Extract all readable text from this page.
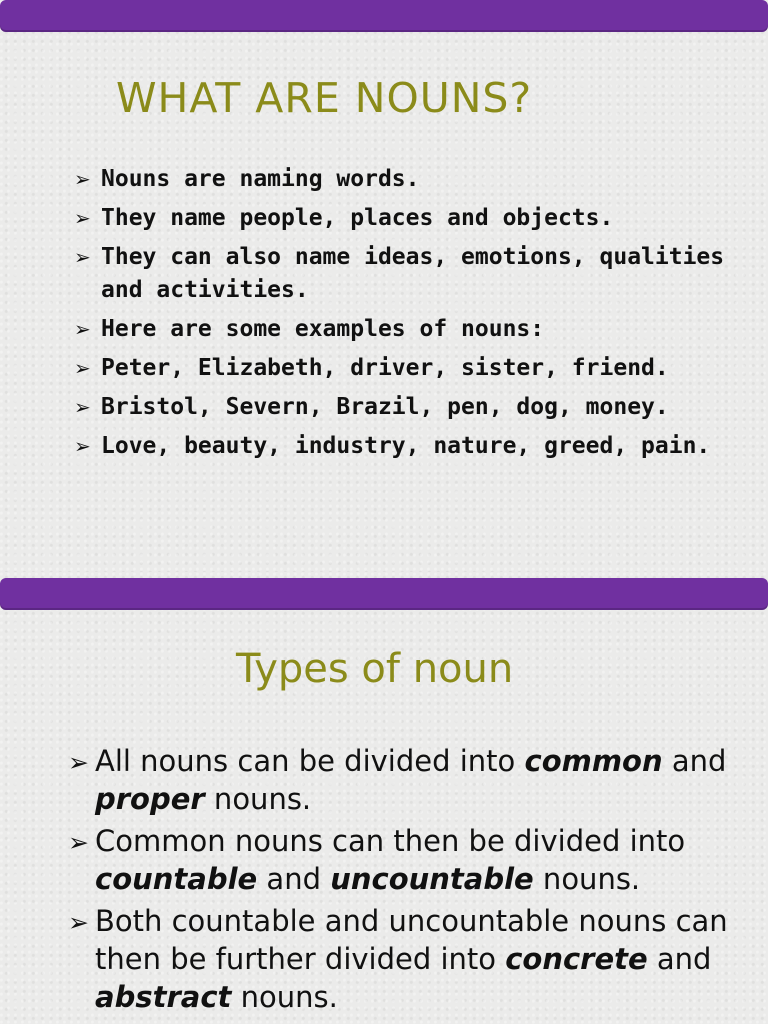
WHAT ARE NOUNS?
➢ Nouns are naming words.
➢ They name people, places and objects.
➢ They can also name ideas, emotions, qualities and activities.
➢ Here are some examples of nouns:
➢ Peter, Elizabeth, driver, sister, friend.
➢ Bristol, Severn, Brazil, pen, dog, money.
➢ Love, beauty, industry, nature, greed, pain.
Types of noun
➢ All nouns can be divided into common and proper nouns.
➢ Common nouns can then be divided into countable and uncountable nouns.
➢ Both countable and uncountable nouns can then be further divided into concrete and abstract nouns.
